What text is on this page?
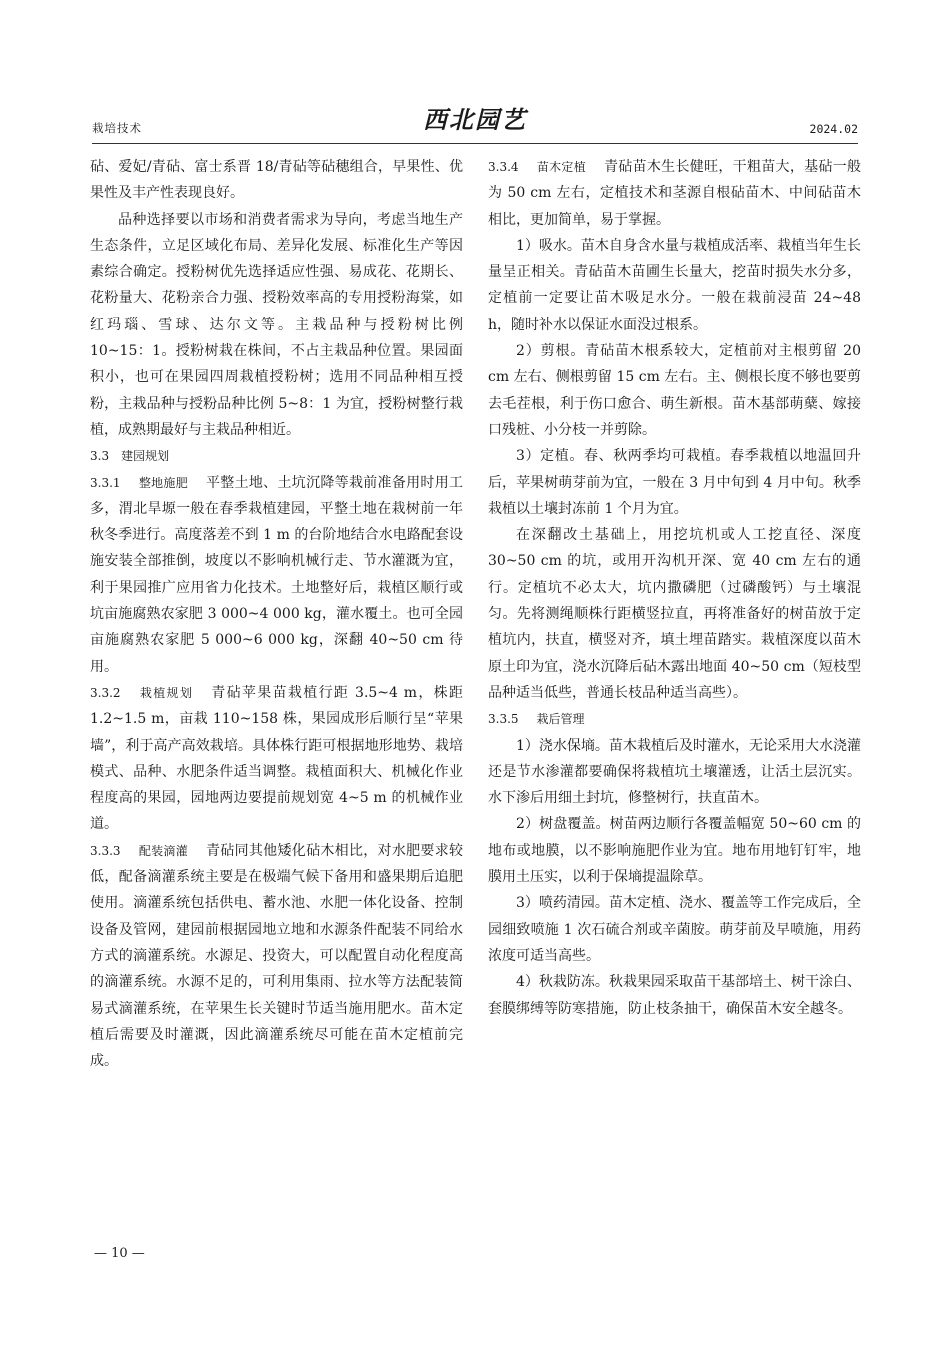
栽培技术	西北园艺	2024.02

砧、爱妃/青砧、富士系晋 18/青砧等砧穗组合，早果性、优果性及丰产性表现良好。

品种选择要以市场和消费者需求为导向，考虑当地生产生态条件，立足区域化布局、差异化发展、标准化生产等因素综合确定。授粉树优先选择适应性强、易成花、花期长、花粉量大、花粉亲合力强、授粉效率高的专用授粉海棠，如红玛瑙、雪球、达尔文等。主栽品种与授粉树比例 10~15：1。授粉树栽在株间，不占主栽品种位置。果园面积小，也可在果园四周栽植授粉树；选用不同品种相互授粉，主栽品种与授粉品种比例 5~8：1 为宜，授粉树整行栽植，成熟期最好与主栽品种相近。

3.3　建园规划

3.3.1 整地施肥 平整土地、土坑沉降等栽前准备用时用工多，渭北旱塬一般在春季栽植建园，平整土地在栽树前一年秋冬季进行。高度落差不到 1 m 的台阶地结合水电路配套设施安装全部推倒，坡度以不影响机械行走、节水灌溉为宜，利于果园推广应用省力化技术。土地整好后，栽植区顺行或坑亩施腐熟农家肥 3 000~4 000 kg，灌水覆土。也可全园亩施腐熟农家肥 5 000~6 000 kg，深翻 40~50 cm 待用。

3.3.2 栽植规划 青砧苹果苗栽植行距 3.5~4 m，株距 1.2~1.5 m，亩栽 110~158 株，果园成形后顺行呈“苹果墙”，利于高产高效栽培。具体株行距可根据地形地势、栽培模式、品种、水肥条件适当调整。栽植面积大、机械化作业程度高的果园，园地两边要提前规划宽 4~5 m 的机械作业道。

3.3.3 配装滴灌 青砧同其他矮化砧木相比，对水肥要求较低，配备滴灌系统主要是在极端气候下备用和盛果期后追肥使用。滴灌系统包括供电、蓄水池、水肥一体化设备、控制设备及管网，建园前根据园地立地和水源条件配装不同给水方式的滴灌系统。水源足、投资大，可以配置自动化程度高的滴灌系统。水源不足的，可利用集雨、拉水等方法配装简易式滴灌系统，在苹果生长关键时节适当施用肥水。苗木定植后需要及时灌溉，因此滴灌系统尽可能在苗木定植前完成。

3.3.4 苗木定植 青砧苗木生长健旺，干粗苗大，基砧一般为 50 cm 左右，定植技术和茎源自根砧苗木、中间砧苗木相比，更加简单，易于掌握。

1）吸水。苗木自身含水量与栽植成活率、栽植当年生长量呈正相关。青砧苗木苗圃生长量大，挖苗时损失水分多，定植前一定要让苗木吸足水分。一般在栽前浸苗 24~48 h，随时补水以保证水面没过根系。

2）剪根。青砧苗木根系较大，定植前对主根剪留 20 cm 左右、侧根剪留 15 cm 左右。主、侧根长度不够也要剪去毛茬根，利于伤口愈合、萌生新根。苗木基部萌蘖、嫁接口残桩、小分枝一并剪除。

3）定植。春、秋两季均可栽植。春季栽植以地温回升后，苹果树萌芽前为宜，一般在 3 月中旬到 4 月中旬。秋季栽植以土壤封冻前 1 个月为宜。

在深翻改土基础上，用挖坑机或人工挖直径、深度 30~50 cm 的坑，或用开沟机开深、宽 40 cm 左右的通行。定植坑不必太大，坑内撒磷肥（过磷酸钙）与土壤混匀。先将测绳顺株行距横竖拉直，再将准备好的树苗放于定植坑内，扶直，横竖对齐，填土埋苗踏实。栽植深度以苗木原土印为宜，浇水沉降后砧木露出地面 40~50 cm（短枝型品种适当低些，普通长枝品种适当高些）。

3.3.5 栽后管理

1）浇水保墒。苗木栽植后及时灌水，无论采用大水浇灌还是节水渗灌都要确保将栽植坑土壤灌透，让活土层沉实。水下渗后用细土封坑，修整树行，扶直苗木。

2）树盘覆盖。树苗两边顺行各覆盖幅宽 50~60 cm 的地布或地膜，以不影响施肥作业为宜。地布用地钉钉牢，地膜用土压实，以利于保墒提温除草。

3）喷药清园。苗木定植、浇水、覆盖等工作完成后，全园细致喷施 1 次石硫合剂或辛菌胺。萌芽前及早喷施，用药浓度可适当高些。

4）秋栽防冻。秋栽果园采取苗干基部培土、树干涂白、套膜绑缚等防寒措施，防止枝条抽干，确保苗木安全越冬。

— 10 —
